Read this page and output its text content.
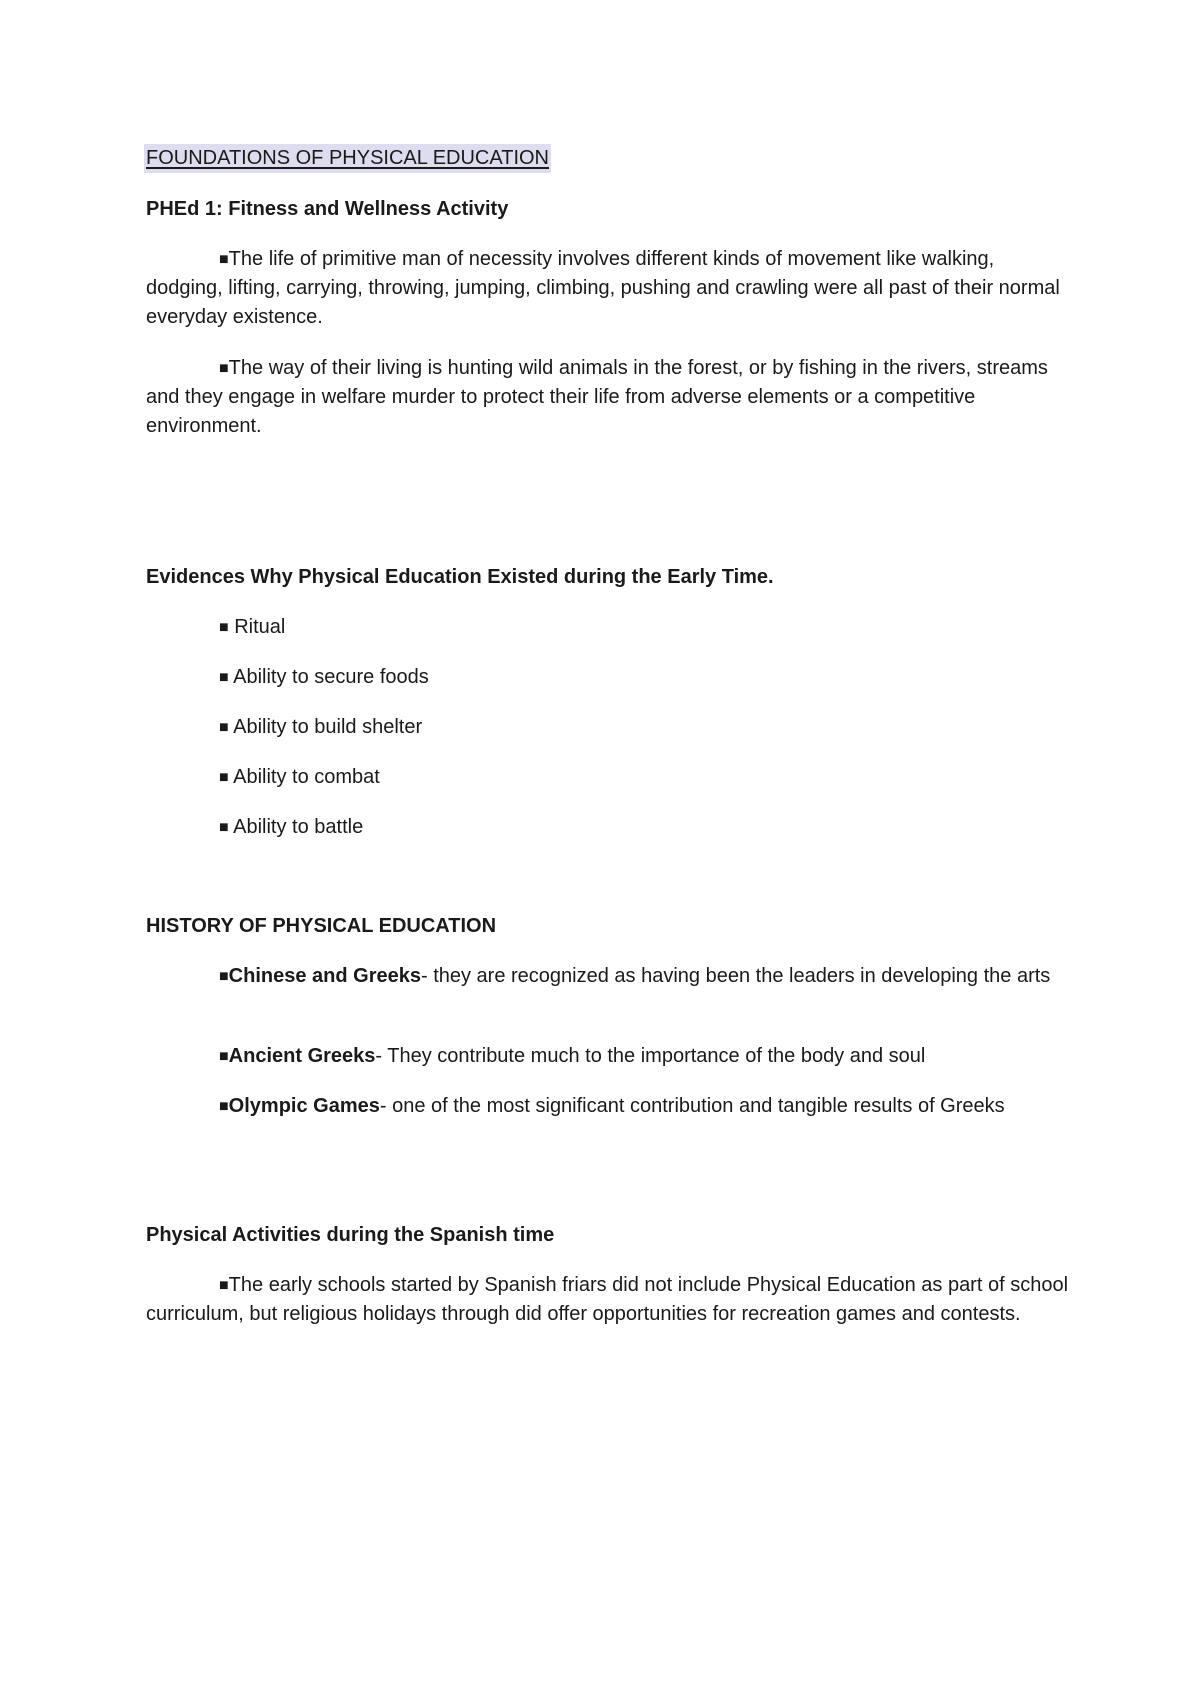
FOUNDATIONS OF PHYSICAL EDUCATION
PHEd 1: Fitness and Wellness Activity
■The life of primitive man of necessity involves different kinds of movement like walking, dodging, lifting, carrying, throwing, jumping, climbing, pushing and crawling were all past of their normal everyday existence.
■The way of their living is hunting wild animals in the forest, or by fishing in the rivers, streams and they engage in welfare murder to protect their life from adverse elements or a competitive environment.
Evidences Why Physical Education Existed during the Early Time.
■ Ritual
■ Ability to secure foods
■ Ability to build shelter
■ Ability to combat
■ Ability to battle
HISTORY OF PHYSICAL EDUCATION
■Chinese and Greeks- they are recognized as having been the leaders in developing the arts
■Ancient Greeks- They contribute much to the importance of the body and soul
■Olympic Games- one of the most significant contribution and tangible results of Greeks
Physical Activities during the Spanish time
■The early schools started by Spanish friars did not include Physical Education as part of school curriculum, but religious holidays through did offer opportunities for recreation games and contests.
